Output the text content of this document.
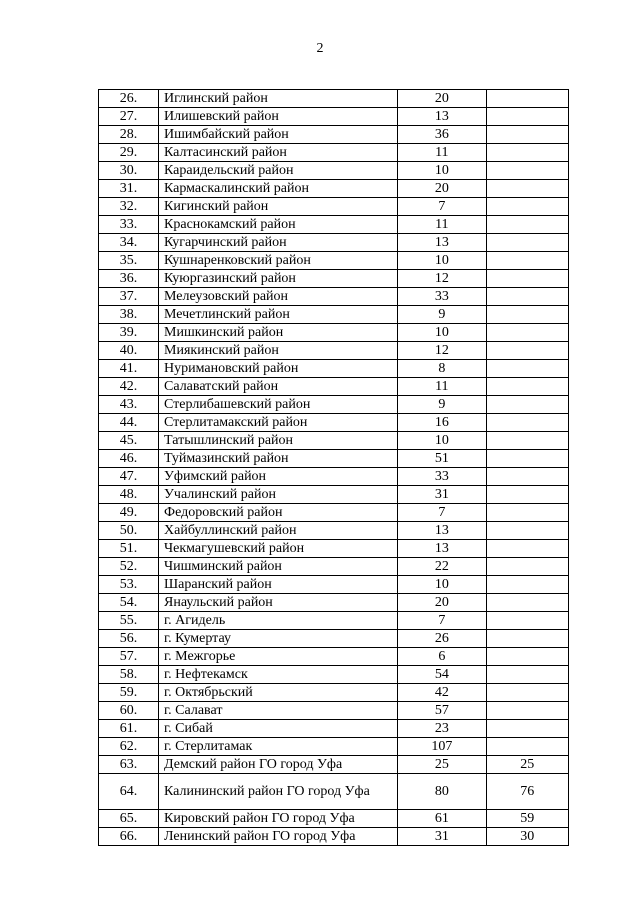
2
26.	Иглинский район	20	
27.	Илишевский район	13	
28.	Ишимбайский район	36	
29.	Калтасинский район	11	
30.	Караидельский район	10	
31.	Кармаскалинский район	20	
32.	Кигинский район	7	
33.	Краснокамский район	11	
34.	Кугарчинский район	13	
35.	Кушнаренковский район	10	
36.	Куюргазинский район	12	
37.	Мелеузовский район	33	
38.	Мечетлинский район	9	
39.	Мишкинский район	10	
40.	Миякинский район	12	
41.	Нуримановский район	8	
42.	Салаватский район	11	
43.	Стерлибашевский район	9	
44.	Стерлитамакский район	16	
45.	Татышлинский район	10	
46.	Туймазинский район	51	
47.	Уфимский район	33	
48.	Учалинский район	31	
49.	Федоровский район	7	
50.	Хайбуллинский район	13	
51.	Чекмагушевский район	13	
52.	Чишминский район	22	
53.	Шаранский район	10	
54.	Янаульский район	20	
55.	г. Агидель	7	
56.	г. Кумертау	26	
57.	г. Межгорье	6	
58.	г. Нефтекамск	54	
59.	г. Октябрьский	42	
60.	г. Салават	57	
61.	г. Сибай	23	
62.	г. Стерлитамак	107	
63.	Демский район ГО город Уфа	25	25
64.	Калининский район ГО город Уфа	80	76
65.	Кировский район ГО город Уфа	61	59
66.	Ленинский район ГО город Уфа	31	30
